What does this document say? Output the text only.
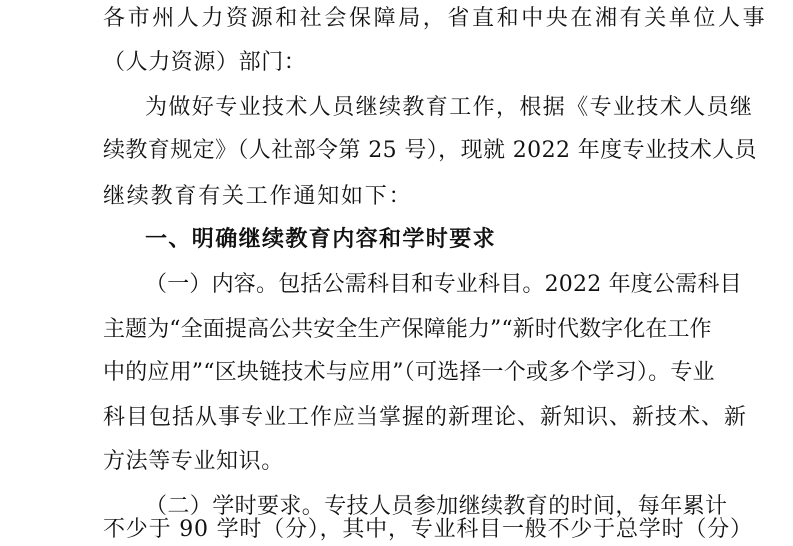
各市州人力资源和社会保障局，省直和中央在湘有关单位人事
（人力资源）部门：
为做好专业技术人员继续教育工作，根据《专业技术人员继
续教育规定》（人社部令第 25 号），现就 2022 年度专业技术人员
继续教育有关工作通知如下：
一、明确继续教育内容和学时要求
（一）内容。包括公需科目和专业科目。2022 年度公需科目
主题为“全面提高公共安全生产保障能力”“新时代数字化在工作
中的应用”“区块链技术与应用”（可选择一个或多个学习）。专业
科目包括从事专业工作应当掌握的新理论、新知识、新技术、新
方法等专业知识。
（二）学时要求。专技人员参加继续教育的时间，每年累计
不少于 90 学时（分），其中，专业科目一般不少于总学时（分）
